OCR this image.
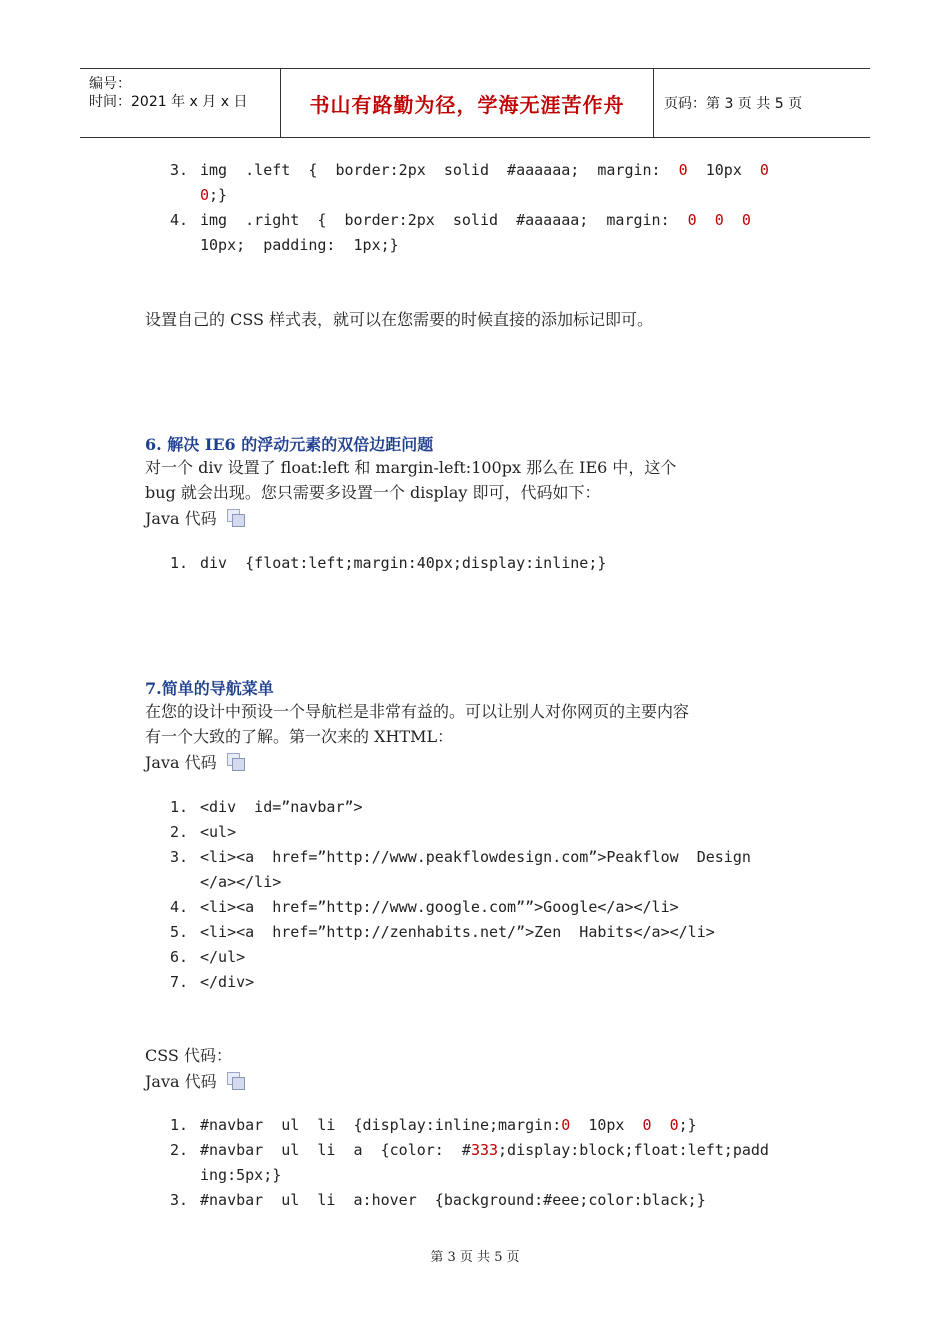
编号：
时间：2021 年 x 月 x 日	书山有路勤为径，学海无涯苦作舟	页码：第 3 页 共 5 页
3. img  .left  {  border:2px  solid  #aaaaaa;  margin:  0  10px  0
0;}
4. img  .right  {  border:2px  solid  #aaaaaa;  margin:  0  0  0
10px;  padding:  1px;}
设置自己的 CSS 样式表，就可以在您需要的时候直接的添加标记即可。
6. 解决 IE6 的浮动元素的双倍边距问题
对一个 div 设置了 float:left 和 margin-left:100px 那么在 IE6 中，这个
bug 就会出现。您只需要多设置一个 display 即可，代码如下：
Java 代码
1. div  {float:left;margin:40px;display:inline;}
7.简单的导航菜单
在您的设计中预设一个导航栏是非常有益的。可以让别人对你网页的主要内容
有一个大致的了解。第一次来的 XHTML：
Java 代码
1. <div  id=”navbar”>
2. <ul>
3. <li><a  href=”http://www.peakflowdesign.com”>Peakflow  Design
</a></li>
4. <li><a  href=”http://www.google.com””>Google</a></li>
5. <li><a  href=”http://zenhabits.net/”>Zen  Habits</a></li>
6. </ul>
7. </div>
CSS 代码：
Java 代码
1. #navbar  ul  li  {display:inline;margin:0  10px  0  0;}
2. #navbar  ul  li  a  {color:  #333;display:block;float:left;padd
ing:5px;}
3. #navbar  ul  li  a:hover  {background:#eee;color:black;}
第 3 页 共 5 页
